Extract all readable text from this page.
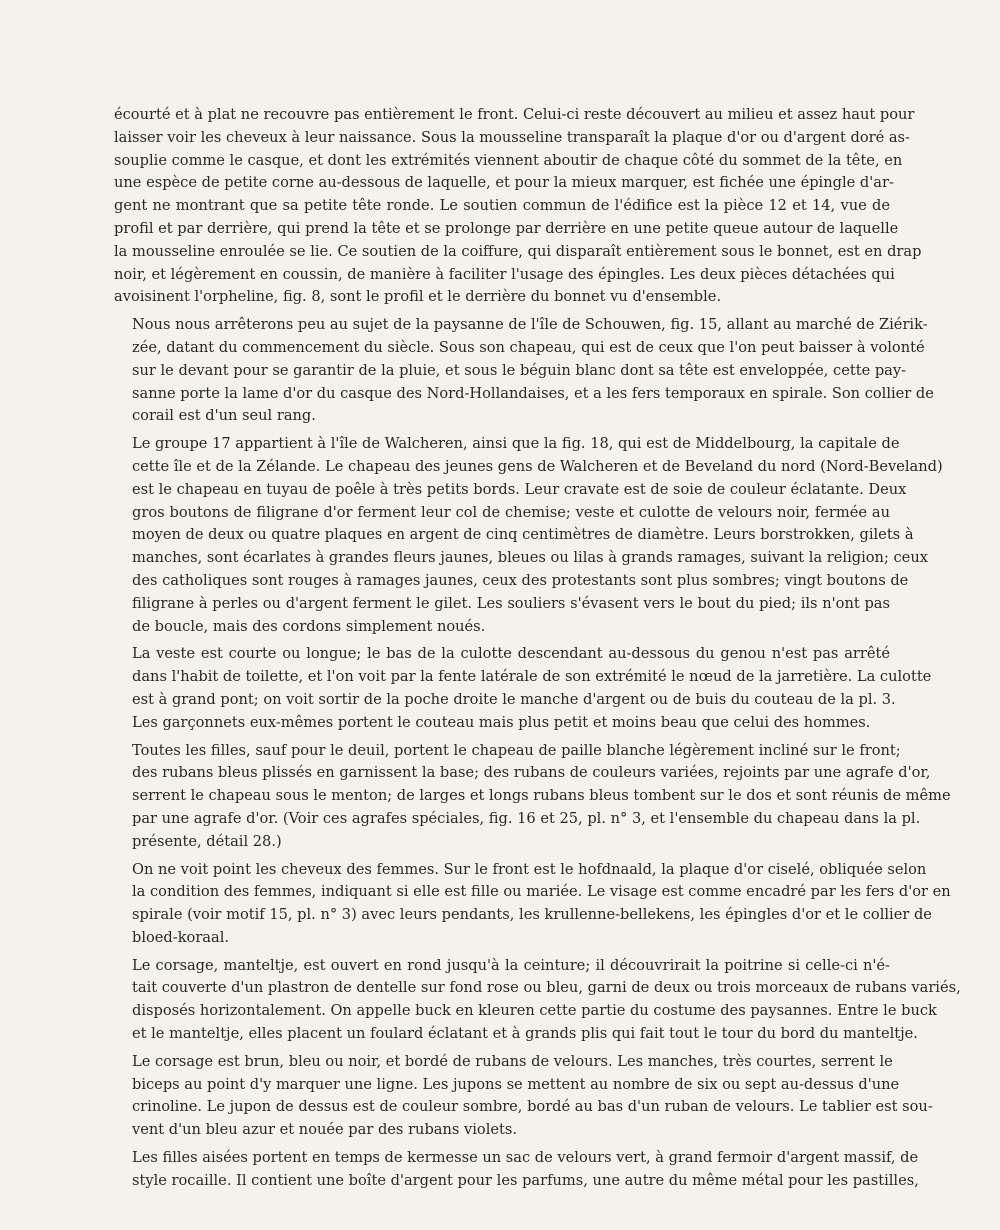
écourté et à plat ne recouvre pas entièrement le front. Celui-ci reste découvert au milieu et assez haut pour
laisser voir les cheveux à leur naissance. Sous la mousseline transparaît la plaque d'or ou d'argent doré as-
souplie comme le casque, et dont les extrémités viennent aboutir de chaque côté du sommet de la tête, en
une espèce de petite corne au-dessous de laquelle, et pour la mieux marquer, est fichée une épingle d'ar-
gent ne montrant que sa petite tête ronde. Le soutien commun de l'édifice est la pièce 12 et 14, vue de
profil et par derrière, qui prend la tête et se prolonge par derrière en une petite queue autour de laquelle
la mousseline enroulée se lie. Ce soutien de la coiffure, qui disparaît entièrement sous le bonnet, est en drap
noir, et légèrement en coussin, de manière à faciliter l'usage des épingles. Les deux pièces détachées qui
avoisinent l'orpheline, fig. 8, sont le profil et le derrière du bonnet vu d'ensemble.

Nous nous arrêterons peu au sujet de la paysanne de l'île de Schouwen, fig. 15, allant au marché de Ziérik-
zée, datant du commencement du siècle. Sous son chapeau, qui est de ceux que l'on peut baisser à volonté
sur le devant pour se garantir de la pluie, et sous le béguin blanc dont sa tête est enveloppée, cette pay-
sanne porte la lame d'or du casque des Nord-Hollandaises, et a les fers temporaux en spirale. Son collier de
corail est d'un seul rang.

Le groupe 17 appartient à l'île de Walcheren, ainsi que la fig. 18, qui est de Middelbourg, la capitale de
cette île et de la Zélande. Le chapeau des jeunes gens de Walcheren et de Beveland du nord (Nord-Beveland)
est le chapeau en tuyau de poêle à très petits bords. Leur cravate est de soie de couleur éclatante. Deux
gros boutons de filigrane d'or ferment leur col de chemise; veste et culotte de velours noir, fermée au
moyen de deux ou quatre plaques en argent de cinq centimètres de diamètre. Leurs borstrokken, gilets à
manches, sont écarlates à grandes fleurs jaunes, bleues ou lilas à grands ramages, suivant la religion; ceux
des catholiques sont rouges à ramages jaunes, ceux des protestants sont plus sombres; vingt boutons de
filigrane à perles ou d'argent ferment le gilet. Les souliers s'évasent vers le bout du pied; ils n'ont pas
de boucle, mais des cordons simplement noués.

La veste est courte ou longue; le bas de la culotte descendant au-dessous du genou n'est pas arrêté
dans l'habit de toilette, et l'on voit par la fente latérale de son extrémité le nœud de la jarretière. La culotte
est à grand pont; on voit sortir de la poche droite le manche d'argent ou de buis du couteau de la pl. 3.
Les garçonnets eux-mêmes portent le couteau mais plus petit et moins beau que celui des hommes.

Toutes les filles, sauf pour le deuil, portent le chapeau de paille blanche légèrement incliné sur le front;
des rubans bleus plissés en garnissent la base; des rubans de couleurs variées, rejoints par une agrafe d'or,
serrent le chapeau sous le menton; de larges et longs rubans bleus tombent sur le dos et sont réunis de même
par une agrafe d'or. (Voir ces agrafes spéciales, fig. 16 et 25, pl. n° 3, et l'ensemble du chapeau dans la pl.
présente, détail 28.)

On ne voit point les cheveux des femmes. Sur le front est le hofdnaald, la plaque d'or ciselé, obliquée selon
la condition des femmes, indiquant si elle est fille ou mariée. Le visage est comme encadré par les fers d'or en
spirale (voir motif 15, pl. n° 3) avec leurs pendants, les krullenne-bellekens, les épingles d'or et le collier de
bloed-koraal.

Le corsage, manteltje, est ouvert en rond jusqu'à la ceinture; il découvrirait la poitrine si celle-ci n'é-
tait couverte d'un plastron de dentelle sur fond rose ou bleu, garni de deux ou trois morceaux de rubans variés,
disposés horizontalement. On appelle buck en kleuren cette partie du costume des paysannes. Entre le buck
et le manteltje, elles placent un foulard éclatant et à grands plis qui fait tout le tour du bord du manteltje.

Le corsage est brun, bleu ou noir, et bordé de rubans de velours. Les manches, très courtes, serrent le
biceps au point d'y marquer une ligne. Les jupons se mettent au nombre de six ou sept au-dessus d'une
crinoline. Le jupon de dessus est de couleur sombre, bordé au bas d'un ruban de velours. Le tablier est sou-
vent d'un bleu azur et nouée par des rubans violets.

Les filles aisées portent en temps de kermesse un sac de velours vert, à grand fermoir d'argent massif, de
style rocaille. Il contient une boîte d'argent pour les parfums, une autre du même métal pour les pastilles,
